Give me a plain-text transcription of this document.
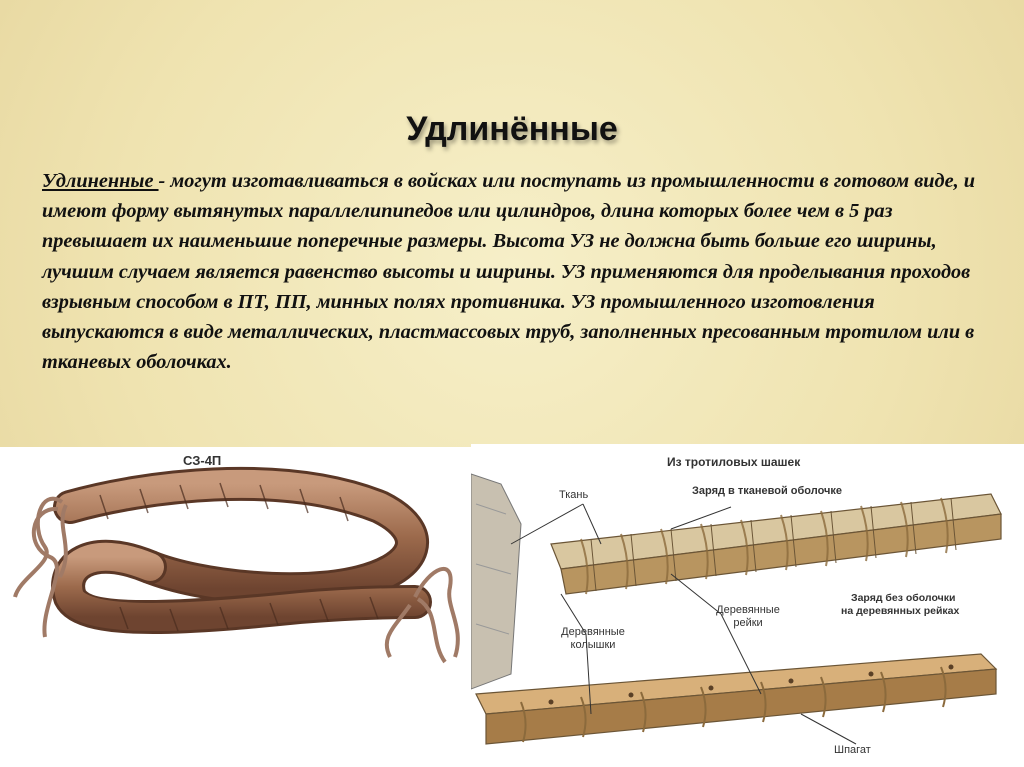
Удлинённые
Удлиненные - могут изготавливаться в войсках или поступать из промышленности в готовом виде, и имеют форму вытянутых параллелипипедов или цилиндров, длина которых более чем в 5 раз превышает их наименьшие поперечные размеры. Высота УЗ не должна быть больше его ширины, лучшим случаем является равенство высоты и ширины. УЗ применяются для проделывания проходов взрывным способом в ПТ, ПП, минных полях противника. УЗ промышленного изготовления выпускаются в виде металлических, пластмассовых труб, заполненных пресованным тротилом или в тканевых оболочках.
СЗ-4П	Из тротиловых шашек
Ткань	Заряд в тканевой оболочке
Деревянные рейки
Деревянные колышки
Заряд без оболочки
на деревянных рейках
Шпагат
